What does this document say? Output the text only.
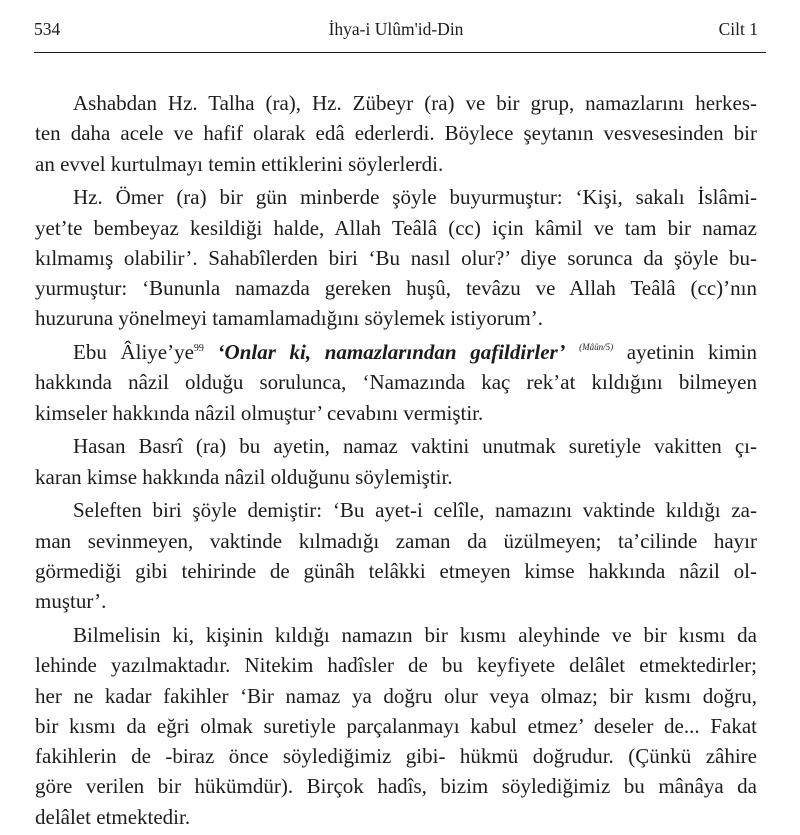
534	İhya-i Ulûm'id-Din	Cilt 1

Ashabdan Hz. Talha (ra), Hz. Zübeyr (ra) ve bir grup, namazlarını herkes-
ten daha acele ve hafif olarak edâ ederlerdi. Böylece şeytanın vesvesesinden bir
an evvel kurtulmayı temin ettiklerini söylerlerdi.

Hz. Ömer (ra) bir gün minberde şöyle buyurmuştur: ‘Kişi, sakalı İslâmi-
yet’te bembeyaz kesildiği halde, Allah Teâlâ (cc) için kâmil ve tam bir namaz
kılmamış olabilir’. Sahabîlerden biri ‘Bu nasıl olur?’ diye sorunca da şöyle bu-
yurmuştur: ‘Bununla namazda gereken huşû, tevâzu ve Allah Teâlâ (cc)’nın
huzuruna yönelmeyi tamamlamadığını söylemek istiyorum’.

Ebu Âliye’ye$^{99}$ ‘Onlar ki, namazlarından gafildirler’ $^{(Mâûn/5)}$ ayetinin kimin
hakkında nâzil olduğu sorulunca, ‘Namazında kaç rek’at kıldığını bilmeyen
kimseler hakkında nâzil olmuştur’ cevabını vermiştir.

Hasan Basrî (ra) bu ayetin, namaz vaktini unutmak suretiyle vakitten çı-
karan kimse hakkında nâzil olduğunu söylemiştir.

Seleften biri şöyle demiştir: ‘Bu ayet-i celîle, namazını vaktinde kıldığı za-
man sevinmeyen, vaktinde kılmadığı zaman da üzülmeyen; ta’cilinde hayır
görmediği gibi tehirinde de günâh telâkki etmeyen kimse hakkında nâzil ol-
muştur’.

Bilmelisin ki, kişinin kıldığı namazın bir kısmı aleyhinde ve bir kısmı da
lehinde yazılmaktadır. Nitekim hadîsler de bu keyfiyete delâlet etmektedirler;
her ne kadar fakihler ‘Bir namaz ya doğru olur veya olmaz; bir kısmı doğru,
bir kısmı da eğri olmak suretiyle parçalanmayı kabul etmez’ deseler de... Fakat
fakihlerin de -biraz önce söylediğimiz gibi- hükmü doğrudur. (Çünkü zâhire
göre verilen bir hükümdür). Birçok hadîs, bizim söylediğimiz bu mânâya da
delâlet etmektedir.
